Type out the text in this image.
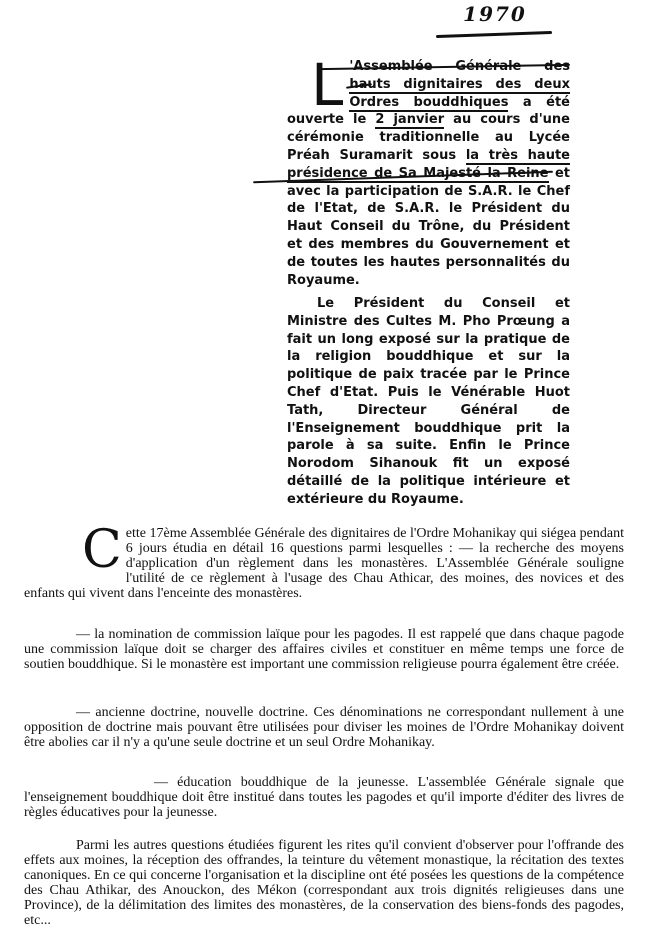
1970

L 'Assemblée Générale des hauts dignitaires des deux Ordres bouddhiques a été ouverte le 2 janvier au cours d'une cérémonie traditionnelle au Lycée Préah Suramarit sous la très haute présidence de Sa Majesté la Reine et avec la participation de S.A.R. le Chef de l'Etat, de S.A.R. le Président du Haut Conseil du Trône, du Président et des membres du Gouvernement et de toutes les hautes personnalités du Royaume.

Le Président du Conseil et Ministre des Cultes M. Pho Prœung a fait un long exposé sur la pratique de la religion bouddhique et sur la politique de paix tracée par le Prince Chef d'Etat. Puis le Vénérable Huot Tath, Directeur Général de l'Enseignement bouddhique prit la parole à sa suite. Enfin le Prince Norodom Sihanouk fit un exposé détaillé de la politique intérieure et extérieure du Royaume.

Cette 17ème Assemblée Générale des dignitaires de l'Ordre Mohanikay qui siégea pendant 6 jours étudia en détail 16 questions parmi lesquelles : — la recherche des moyens d'application d'un règlement dans les monastères. L'Assemblée Générale souligne l'utilité de ce règlement à l'usage des Chau Athicar, des moines, des novices et des enfants qui vivent dans l'enceinte des monastères.

— la nomination de commission laïque pour les pagodes. Il est rappelé que dans chaque pagode une commission laïque doit se charger des affaires civiles et constituer en même temps une force de soutien bouddhique. Si le monastère est important une commission religieuse pourra également être créée.

— ancienne doctrine, nouvelle doctrine. Ces dénominations ne correspondant nullement à une opposition de doctrine mais pouvant être utilisées pour diviser les moines de l'Ordre Mohanikay doivent être abolies car il n'y a qu'une seule doctrine et un seul Ordre Mohanikay.

— éducation bouddhique de la jeunesse. L'assemblée Générale signale que l'enseignement bouddhique doit être institué dans toutes les pagodes et qu'il importe d'éditer des livres de règles éducatives pour la jeunesse.

Parmi les autres questions étudiées figurent les rites qu'il convient d'observer pour l'offrande des effets aux moines, la réception des offrandes, la teinture du vêtement monastique, la récitation des textes canoniques. En ce qui concerne l'organisation et la discipline ont été posées les questions de la compétence des Chau Athikar, des Anouckon, des Mékon (correspondant aux trois dignités religieuses dans une Province), de la délimitation des limites des monastères, de la conservation des biens-fonds des pagodes, etc...
